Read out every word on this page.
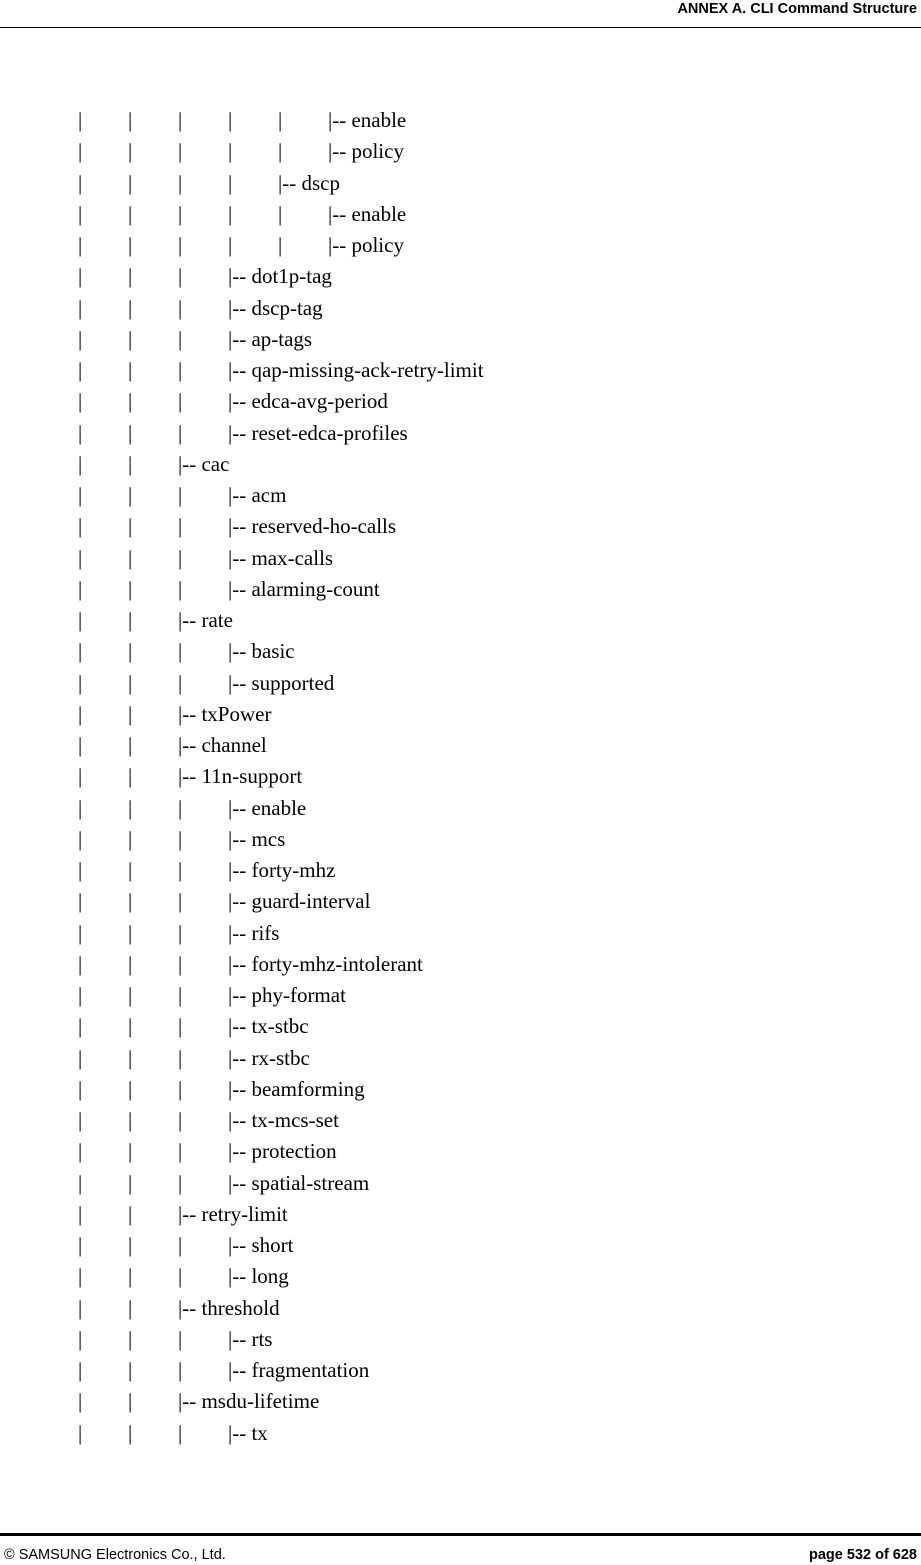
ANNEX A. CLI Command Structure
| | | | | |-- enable
| | | | | |-- policy
| | | | |-- dscp
| | | | | |-- enable
| | | | | |-- policy
| | | |-- dot1p-tag
| | | |-- dscp-tag
| | | |-- ap-tags
| | | |-- qap-missing-ack-retry-limit
| | | |-- edca-avg-period
| | | |-- reset-edca-profiles
| | |-- cac
| | | |-- acm
| | | |-- reserved-ho-calls
| | | |-- max-calls
| | | |-- alarming-count
| | |-- rate
| | | |-- basic
| | | |-- supported
| | |-- txPower
| | |-- channel
| | |-- 11n-support
| | | |-- enable
| | | |-- mcs
| | | |-- forty-mhz
| | | |-- guard-interval
| | | |-- rifs
| | | |-- forty-mhz-intolerant
| | | |-- phy-format
| | | |-- tx-stbc
| | | |-- rx-stbc
| | | |-- beamforming
| | | |-- tx-mcs-set
| | | |-- protection
| | | |-- spatial-stream
| | |-- retry-limit
| | | |-- short
| | | |-- long
| | |-- threshold
| | | |-- rts
| | | |-- fragmentation
| | |-- msdu-lifetime
| | | |-- tx
© SAMSUNG Electronics Co., Ltd.	page 532 of 628
